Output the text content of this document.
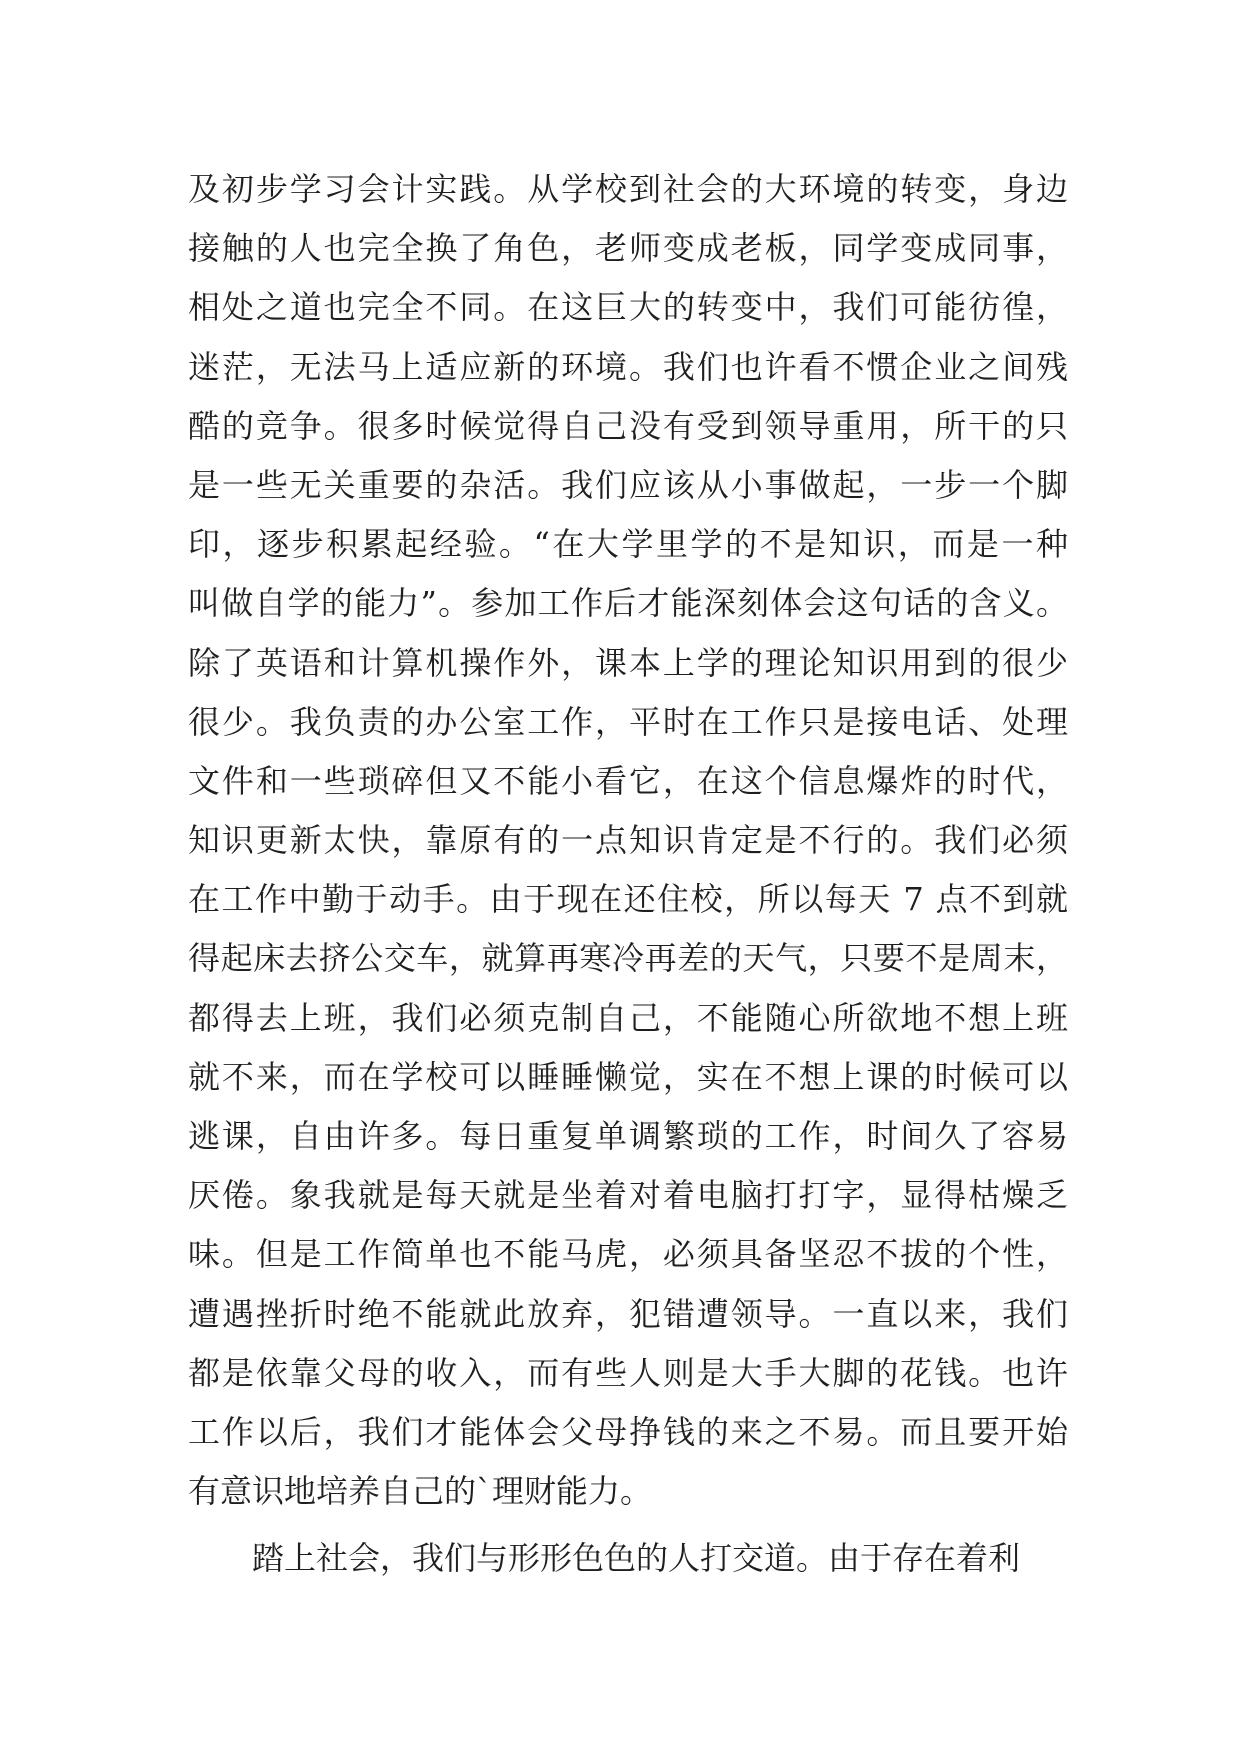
及初步学习会计实践。从学校到社会的大环境的转变，身边
接触的人也完全换了角色，老师变成老板，同学变成同事，
相处之道也完全不同。在这巨大的转变中，我们可能彷徨，
迷茫，无法马上适应新的环境。我们也许看不惯企业之间残
酷的竞争。很多时候觉得自己没有受到领导重用，所干的只
是一些无关重要的杂活。我们应该从小事做起，一步一个脚
印，逐步积累起经验。“在大学里学的不是知识，而是一种
叫做自学的能力”。参加工作后才能深刻体会这句话的含义。
除了英语和计算机操作外，课本上学的理论知识用到的很少
很少。我负责的办公室工作，平时在工作只是接电话、处理
文件和一些琐碎但又不能小看它，在这个信息爆炸的时代，
知识更新太快，靠原有的一点知识肯定是不行的。我们必须
在工作中勤于动手。由于现在还住校，所以每天 7 点不到就
得起床去挤公交车，就算再寒冷再差的天气，只要不是周末，
都得去上班，我们必须克制自己，不能随心所欲地不想上班
就不来，而在学校可以睡睡懒觉，实在不想上课的时候可以
逃课，自由许多。每日重复单调繁琐的工作，时间久了容易
厌倦。象我就是每天就是坐着对着电脑打打字，显得枯燥乏
味。但是工作简单也不能马虎，必须具备坚忍不拔的个性，
遭遇挫折时绝不能就此放弃，犯错遭领导。一直以来，我们
都是依靠父母的收入，而有些人则是大手大脚的花钱。也许
工作以后，我们才能体会父母挣钱的来之不易。而且要开始
有意识地培养自己的`理财能力。
踏上社会，我们与形形色色的人打交道。由于存在着利
